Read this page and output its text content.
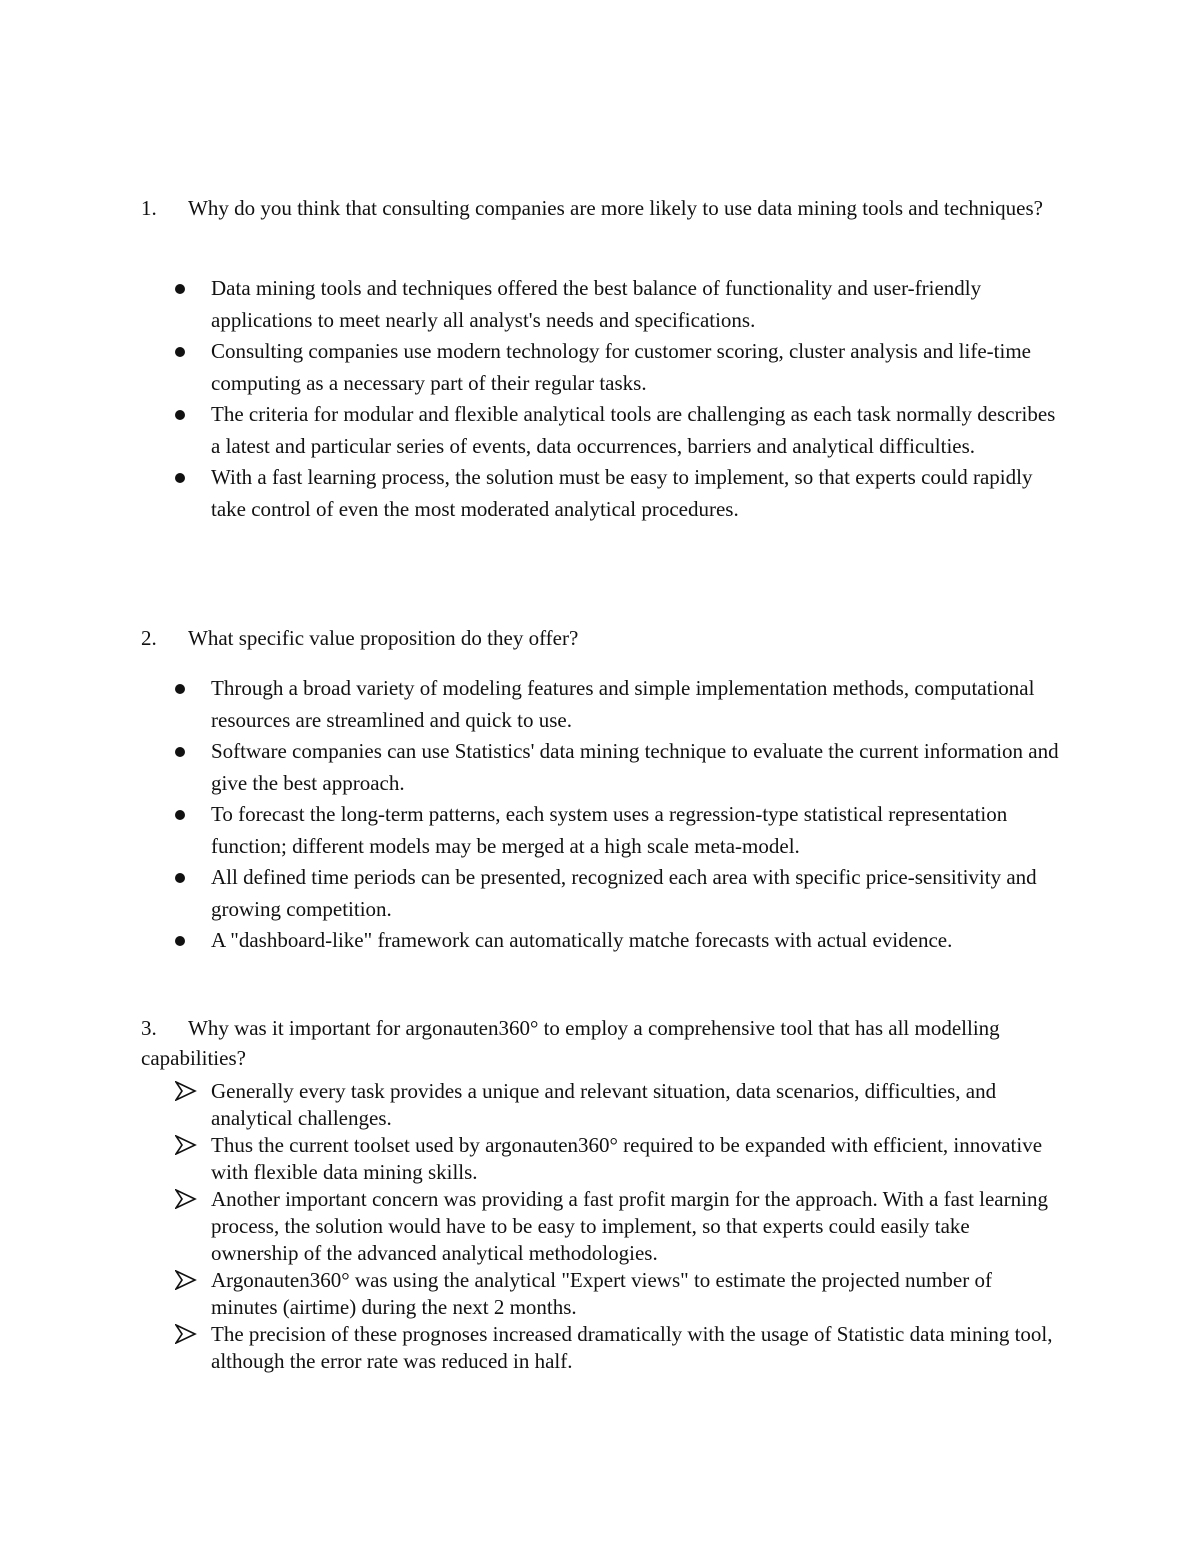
1. Why do you think that consulting companies are more likely to use data mining tools and techniques?
Data mining tools and techniques offered the best balance of functionality and user-friendly applications to meet nearly all analyst's needs and specifications.
Consulting companies use modern technology for customer scoring, cluster analysis and life-time computing as a necessary part of their regular tasks.
The criteria for modular and flexible analytical tools are challenging as each task normally describes a latest and particular series of events, data occurrences, barriers and analytical difficulties.
With a fast learning process, the solution must be easy to implement, so that experts could rapidly take control of even the most moderated analytical procedures.
2. What specific value proposition do they offer?
Through a broad variety of modeling features and simple implementation methods, computational resources are streamlined and quick to use.
Software companies can use Statistics' data mining technique to evaluate the current information and give the best approach.
To forecast the long-term patterns, each system uses a regression-type statistical representation function; different models may be merged at a high scale meta-model.
All defined time periods can be presented, recognized each area with specific price-sensitivity and growing competition.
A "dashboard-like" framework can automatically matche forecasts with actual evidence.
3. Why was it important for argonauten360° to employ a comprehensive tool that has all modelling capabilities?
Generally every task provides a unique and relevant situation, data scenarios, difficulties, and analytical challenges.
Thus the current toolset used by argonauten360° required to be expanded with efficient, innovative with flexible data mining skills.
Another important concern was providing a fast profit margin for the approach. With a fast learning process, the solution would have to be easy to implement, so that experts could easily take ownership of the advanced analytical methodologies.
Argonauten360° was using the analytical "Expert views" to estimate the projected number of minutes (airtime) during the next 2 months.
The precision of these prognoses increased dramatically with the usage of Statistic data mining tool, although the error rate was reduced in half.
